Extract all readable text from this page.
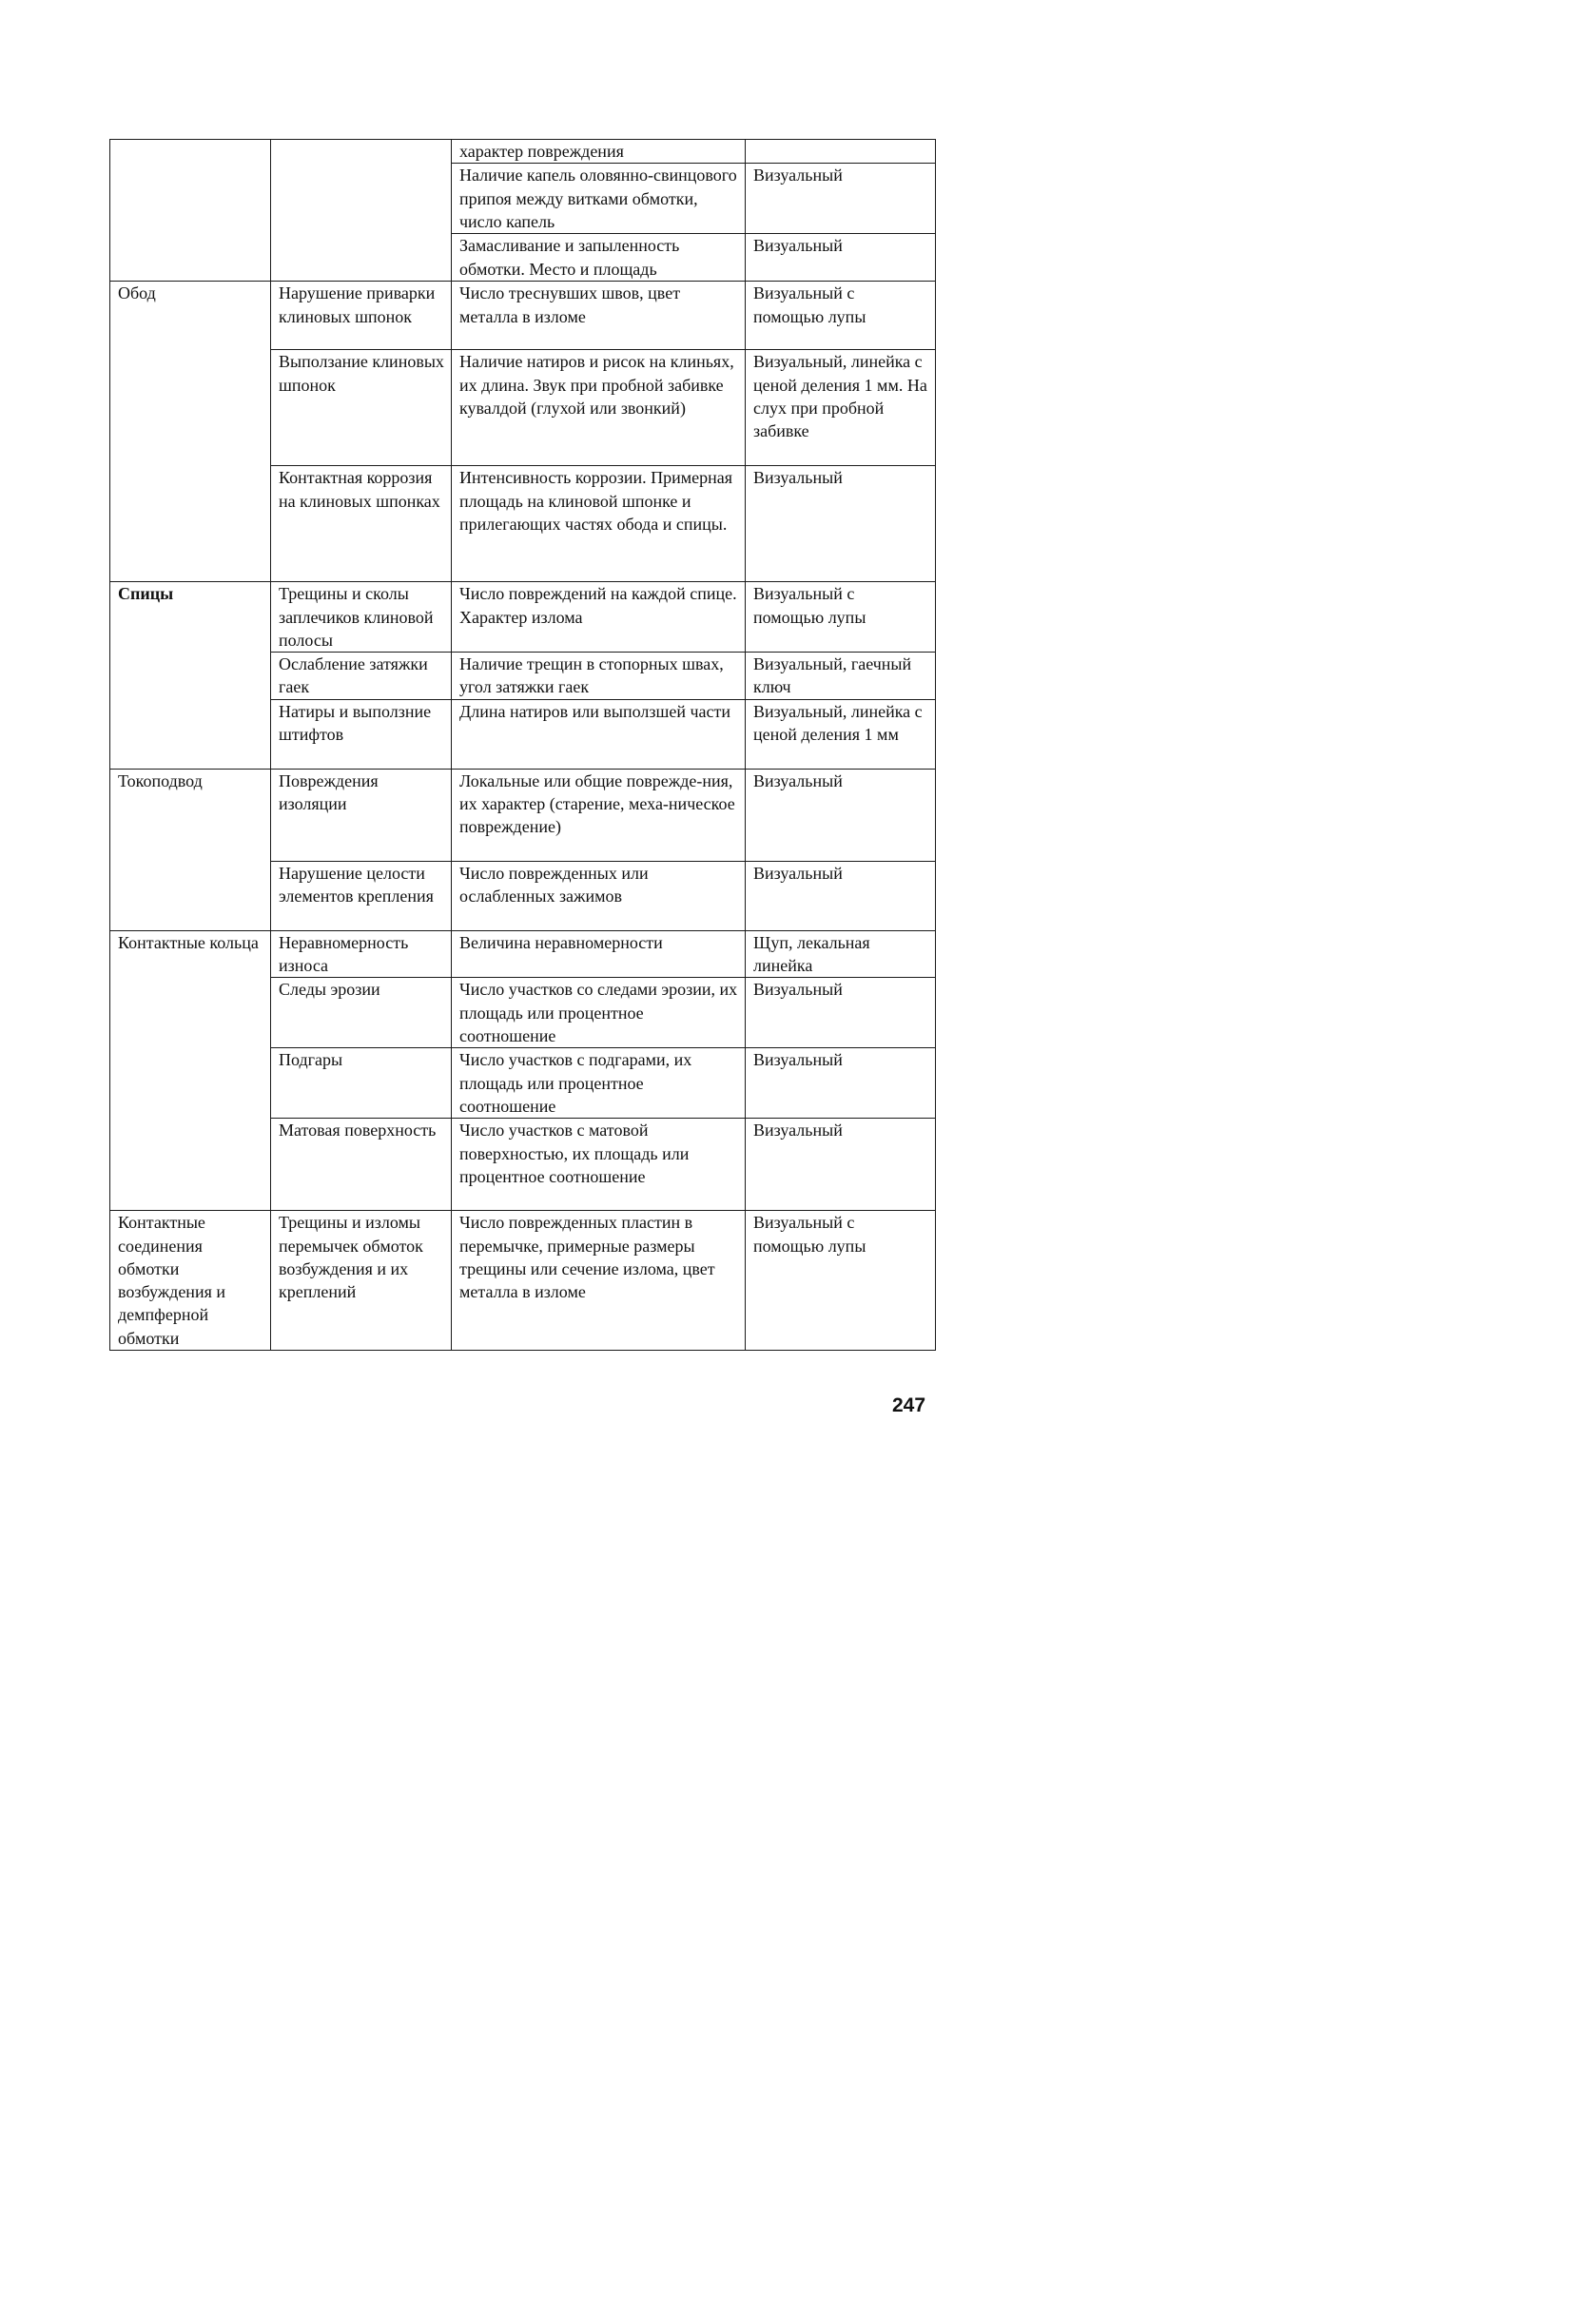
		характер повреждения	
		Наличие капель оловянно-свинцового припоя между витками обмотки, число капель	Визуальный
		Замасливание и запыленность обмотки. Место и площадь	Визуальный
Обод	Нарушение приварки клиновых шпонок	Число треснувших швов, цвет металла в изломе	Визуальный с помощью лупы
	Выползание клиновых шпонок	Наличие натиров и рисок на клиньях, их длина. Звук при пробной забивке кувалдой (глухой или звонкий)	Визуальный, линейка с ценой деления 1 мм. На слух при пробной забивке
	Контактная коррозия на клиновых шпонках	Интенсивность коррозии. Примерная площадь на клиновой шпонке и прилегающих частях обода и спицы.	Визуальный
Спицы	Трещины и сколы заплечиков клиновой полосы	Число повреждений на каждой спице. Характер излома	Визуальный с помощью лупы
	Ослабление затяжки гаек	Наличие трещин в стопорных швах, угол затяжки гаек	Визуальный, гаечный ключ
	Натиры и выползние штифтов	Длина натиров или выползшей части	Визуальный, линейка с ценой деления 1 мм
Токоподвод	Повреждения изоляции	Локальные или общие поврежде-ния, их характер (старение, меха-ническое повреждение)	Визуальный
	Нарушение целости элементов крепления	Число поврежденных или ослабленных зажимов	Визуальный
Контактные кольца	Неравномерность износа	Величина неравномерности	Щуп, лекальная линейка
	Следы эрозии	Число участков со следами эрозии, их площадь или процентное соотношение	Визуальный
	Подгары	Число участков с подгарами, их площадь или процентное соотношение	Визуальный
	Матовая поверхность	Число участков с матовой поверхностью, их площадь или процентное соотношение	Визуальный
Контактные соединения обмотки возбуждения и демпферной обмотки	Трещины и изломы перемычек обмоток возбуждения и их креплений	Число поврежденных пластин в перемычке, примерные размеры трещины или сечение излома, цвет металла в изломе	Визуальный с помощью лупы
247
